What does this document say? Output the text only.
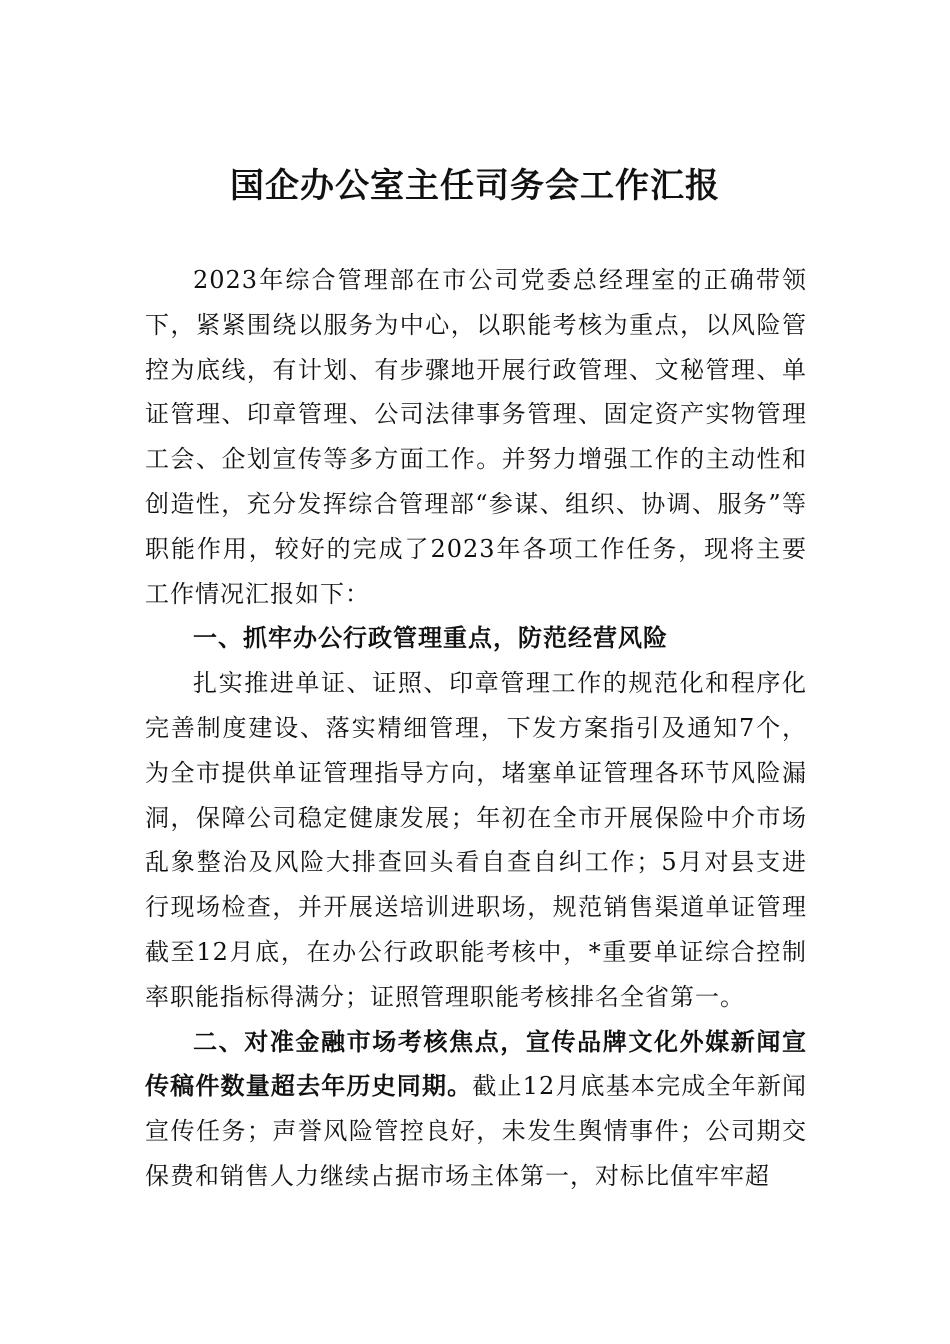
国企办公室主任司务会工作汇报

2023年综合管理部在市公司党委总经理室的正确带领下，紧紧围绕以服务为中心，以职能考核为重点，以风险管控为底线，有计划、有步骤地开展行政管理、文秘管理、单证管理、印章管理、公司法律事务管理、固定资产实物管理工会、企划宣传等多方面工作。并努力增强工作的主动性和创造性，充分发挥综合管理部“参谋、组织、协调、服务”等职能作用，较好的完成了2023年各项工作任务，现将主要工作情况汇报如下：

一、抓牢办公行政管理重点，防范经营风险

扎实推进单证、证照、印章管理工作的规范化和程序化完善制度建设、落实精细管理，下发方案指引及通知7个，为全市提供单证管理指导方向，堵塞单证管理各环节风险漏洞，保障公司稳定健康发展；年初在全市开展保险中介市场乱象整治及风险大排查回头看自查自纠工作；5月对县支进行现场检查，并开展送培训进职场，规范销售渠道单证管理截至12月底，在办公行政职能考核中，*重要单证综合控制率职能指标得满分；证照管理职能考核排名全省第一。

二、对准金融市场考核焦点，宣传品牌文化外媒新闻宣传稿件数量超去年历史同期。截止12月底基本完成全年新闻宣传任务；声誉风险管控良好，未发生舆情事件；公司期交保费和销售人力继续占据市场主体第一，对标比值牢牢超
